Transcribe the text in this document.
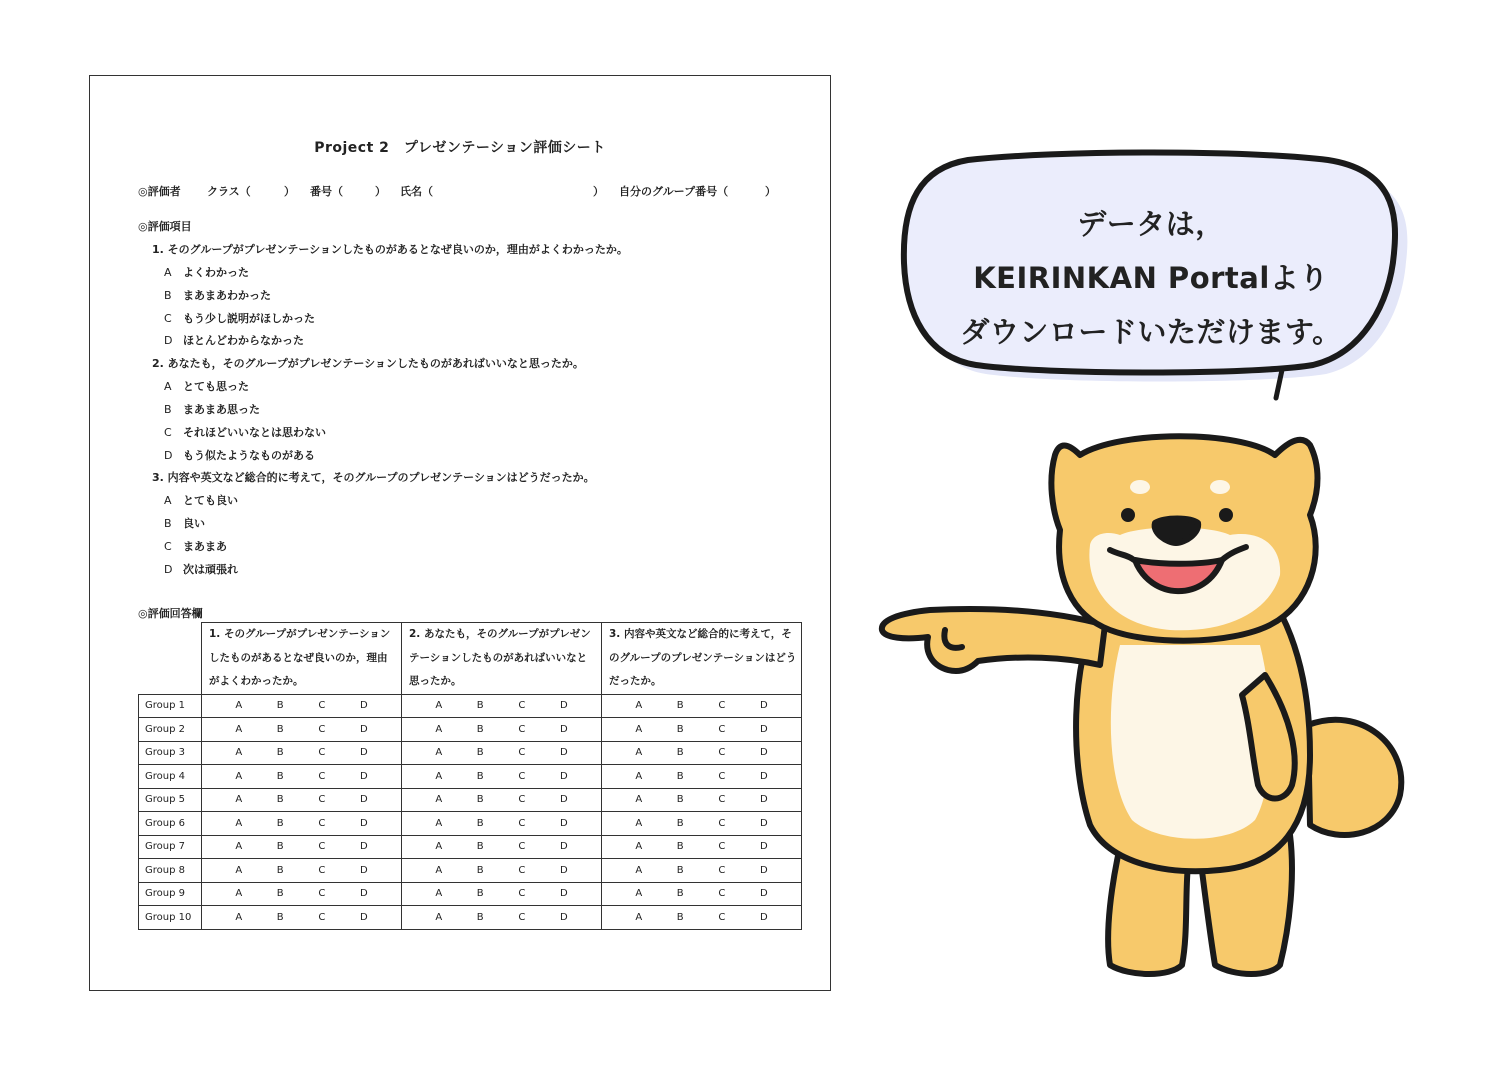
Project 2　プレゼンテーション評価シート
◎評価者 クラス（	） 番号（	） 氏名（	） 自分のグループ番号（	）
◎評価項目
1. そのグループがプレゼンテーションしたものがあるとなぜ良いのか，理由がよくわかったか。
A よくわかった
B まあまあわかった
C もう少し説明がほしかった
D ほとんどわからなかった
2. あなたも，そのグループがプレゼンテーションしたものがあればいいなと思ったか。
A とても思った
B まあまあ思った
C それほどいいなとは思わない
D もう似たようなものがある
3. 内容や英文など総合的に考えて，そのグループのプレゼンテーションはどうだったか。
A とても良い
B 良い
C まあまあ
D 次は頑張れ
◎評価回答欄
	1. そのグループがプレゼンテーションしたものがあるとなぜ良いのか，理由がよくわかったか。	2. あなたも，そのグループがプレゼンテーションしたものがあればいいなと思ったか。	3. 内容や英文など総合的に考えて，そのグループのプレゼンテーションはどうだったか。
Group 1	A B C D	A B C D	A B C D

Group 2	A B C D	A B C D	A B C D

Group 3	A B C D	A B C D	A B C D

Group 4	A B C D	A B C D	A B C D

Group 5	A B C D	A B C D	A B C D

Group 6	A B C D	A B C D	A B C D

Group 7	A B C D	A B C D	A B C D

Group 8	A B C D	A B C D	A B C D

Group 9	A B C D	A B C D	A B C D

Group 10	A B C D	A B C D	A B C D
データは，
KEIRINKAN Portalより
ダウンロードいただけます。
